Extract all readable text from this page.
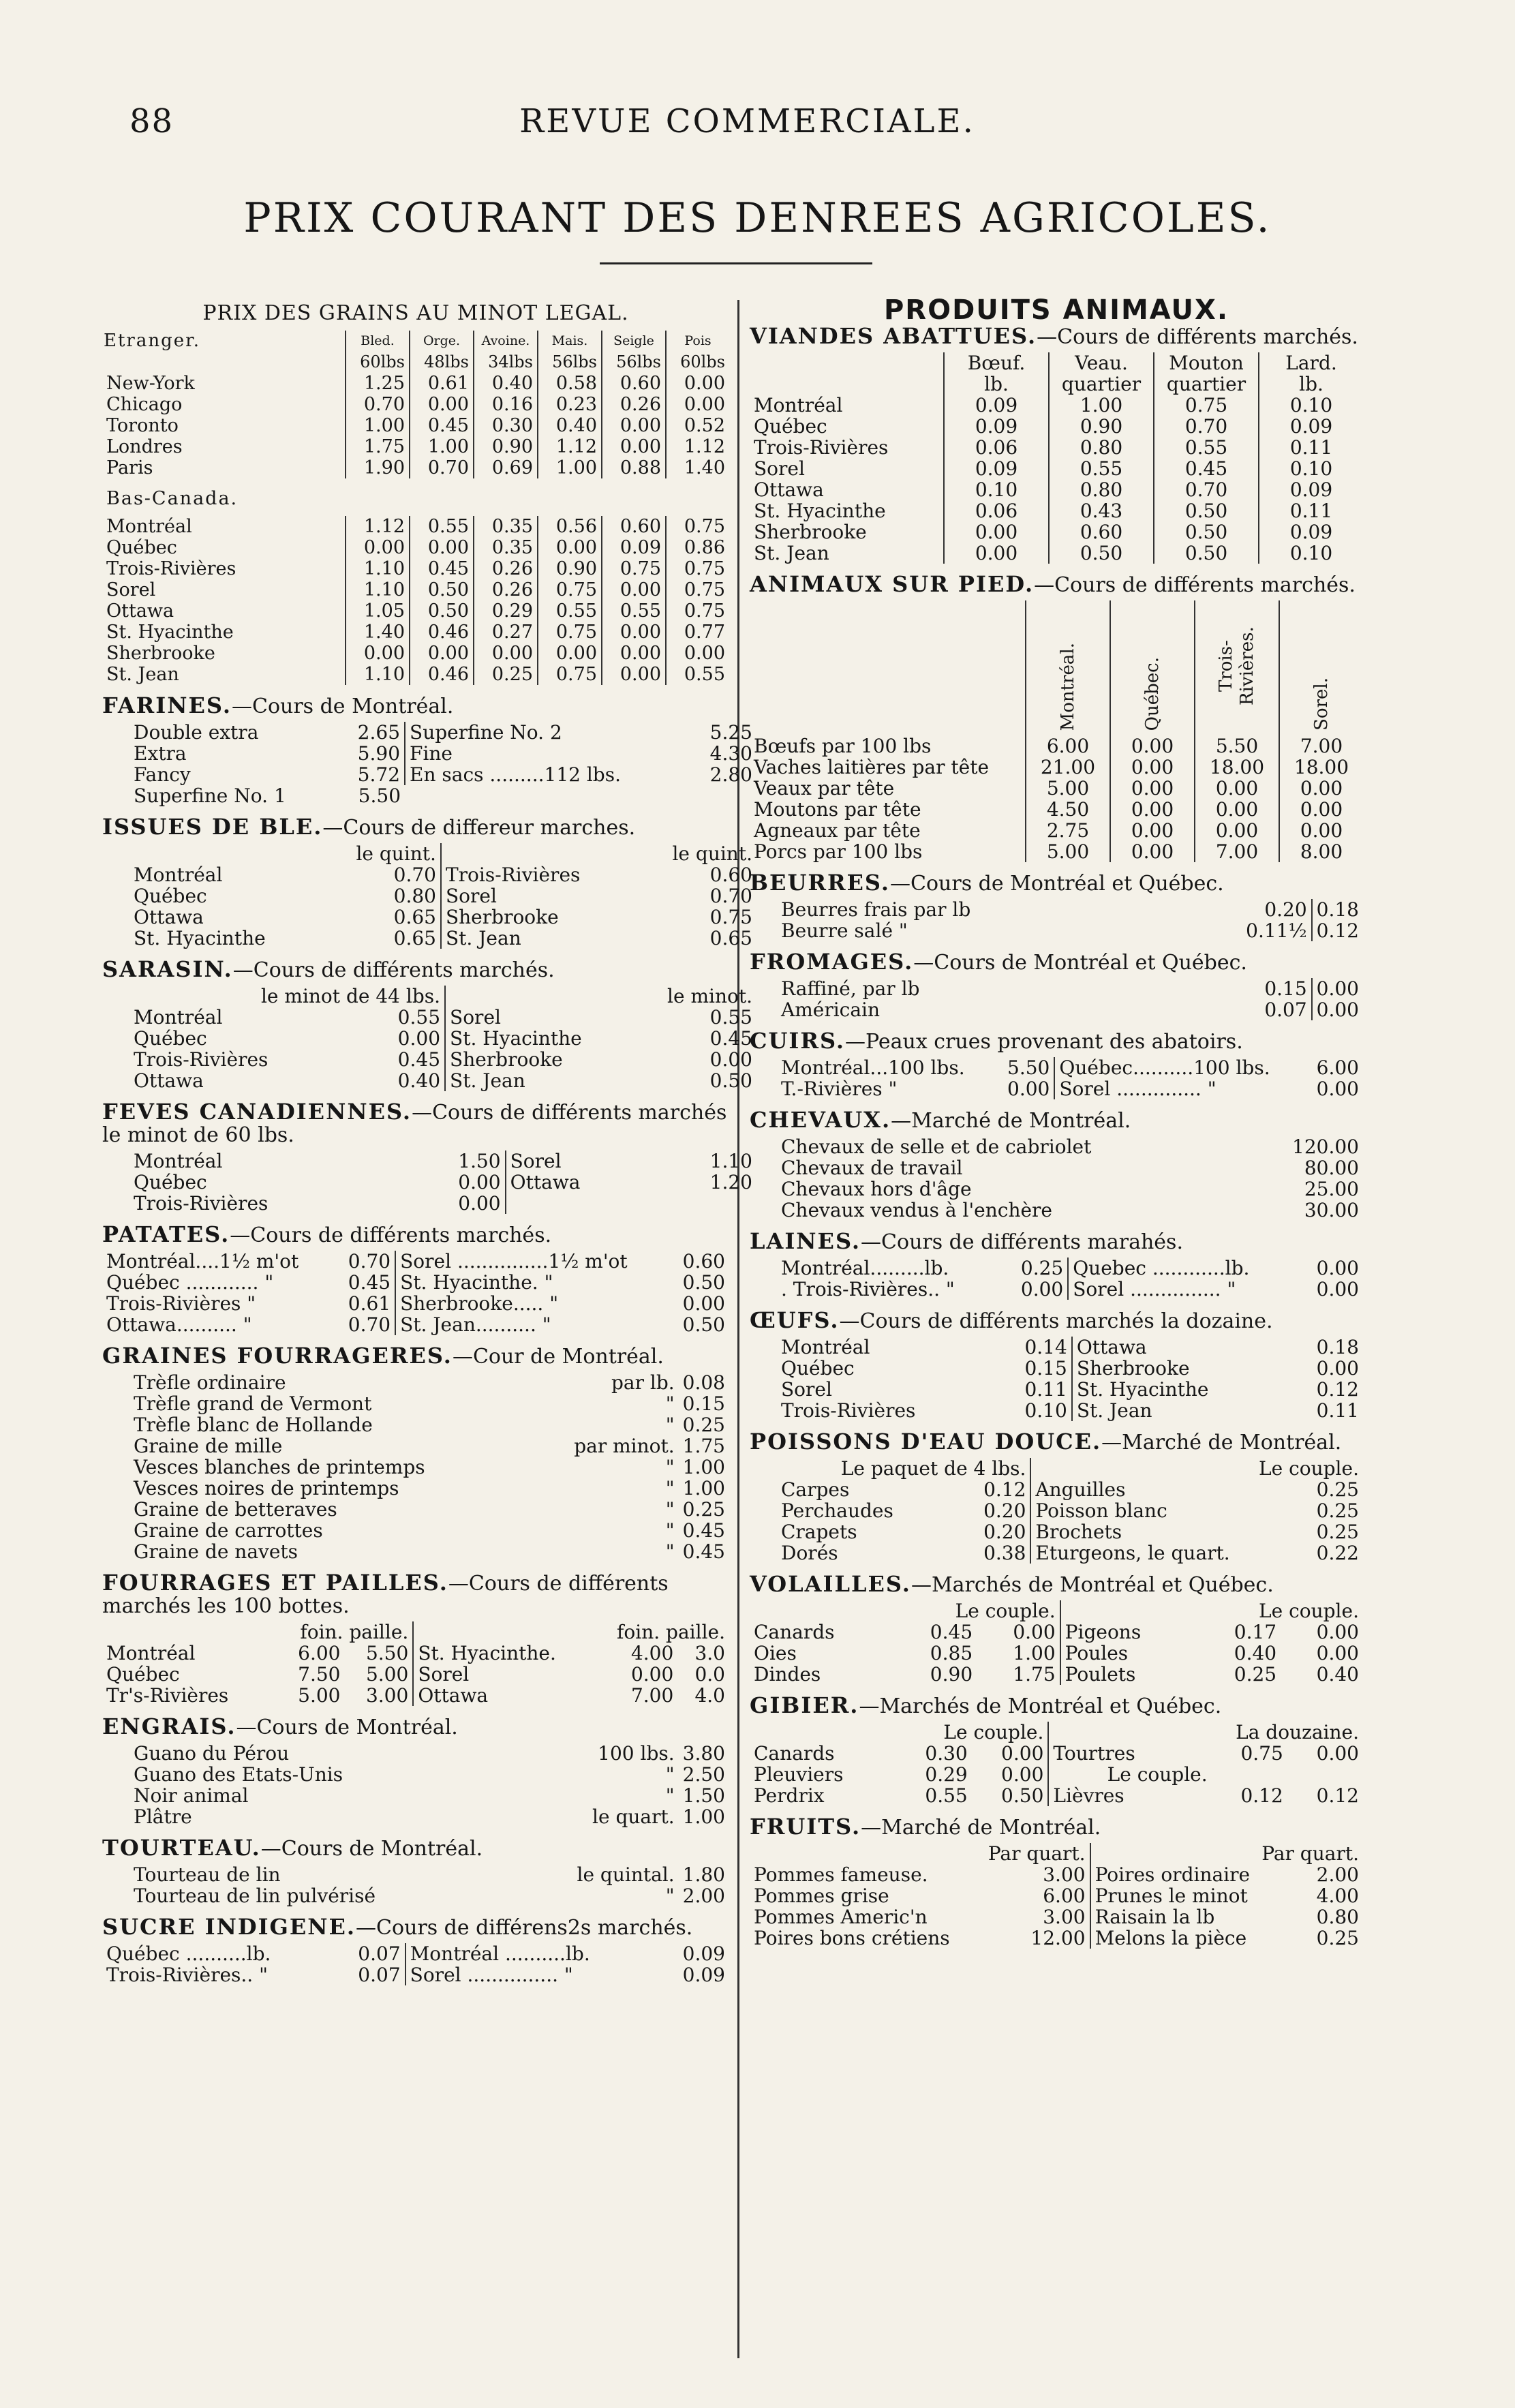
88	REVUE COMMERCIALE.
PRIX COURANT DES DENREES AGRICOLES.
PRIX DES GRAINS AU MINOT LEGAL.
Etranger.	Bled.	Orge.	Avoine.	Mais.	Seigle	Pois
	60lbs	48lbs	34lbs	56lbs	56lbs	60lbs
New-York	1.25	0.61	0.40	0.58	0.60	0.00
Chicago	0.70	0.00	0.16	0.23	0.26	0.00
Toronto	1.00	0.45	0.30	0.40	0.00	0.52
Londres	1.75	1.00	0.90	1.12	0.00	1.12
Paris	1.90	0.70	0.69	1.00	0.88	1.40
Bas-Canada.						
Montréal	1.12	0.55	0.35	0.56	0.60	0.75
Québec	0.00	0.00	0.35	0.00	0.09	0.86
Trois-Rivières	1.10	0.45	0.26	0.90	0.75	0.75
Sorel	1.10	0.50	0.26	0.75	0.00	0.75
Ottawa	1.05	0.50	0.29	0.55	0.55	0.75
St. Hyacinthe	1.40	0.46	0.27	0.75	0.00	0.77
Sherbrooke	0.00	0.00	0.00	0.00	0.00	0.00
St. Jean	1.10	0.46	0.25	0.75	0.00	0.55
FARINES.—Cours de Montréal.
Double extra	2.65	Superfine No. 2	5.25
Extra	5.90	Fine	4.30
Fancy	5.72	En sacs .........112 lbs.	2.80
Superfine No. 1	5.50		
ISSUES DE BLE.—Cours de differeur marches.
le quint.		le quint.	
Montréal	0.70	Trois-Rivières	0.60
Québec	0.80	Sorel	0.70
Ottawa	0.65	Sherbrooke	0.75
St. Hyacinthe	0.65	St. Jean	0.65
SARASIN.—Cours de différents marchés.
le minot de 44 lbs.		le minot.	
Montréal	0.55	Sorel	0.55
Québec	0.00	St. Hyacinthe	0.45
Trois-Rivières	0.45	Sherbrooke	0.00
Ottawa	0.40	St. Jean	0.50
FEVES CANADIENNES.—Cours de différents marchés le minot de 60 lbs.
Montréal	1.50	Sorel	1.10
Québec	0.00	Ottawa	1.20
Trois-Rivières	0.00		
PATATES.—Cours de différents marchés.
Montréal....1½ m'ot	0.70	Sorel ...............1½ m'ot	0.60
Québec ............ "	0.45	St. Hyacinthe. "	0.50
Trois-Rivières "	0.61	Sherbrooke..... "	0.00
Ottawa.......... "	0.70	St. Jean.......... "	0.50
GRAINES FOURRAGERES.—Cour de Montréal.
Trèfle ordinaire	par lb.	0.08
Trèfle grand de Vermont	"	0.15
Trèfle blanc de Hollande	"	0.25
Graine de mille	par minot.	1.75
Vesces blanches de printemps	"	1.00
Vesces noires de printemps	"	1.00
Graine de betteraves	"	0.25
Graine de carrottes	"	0.45
Graine de navets	"	0.45
FOURRAGES ET PAILLES.—Cours de différents marchés les 100 bottes.
foin. paille.			foin. paille.		
Montréal	6.00	5.50	St. Hyacinthe.	4.00	3.0
Québec	7.50	5.00	Sorel	0.00	0.0
Tr's-Rivières	5.00	3.00	Ottawa	7.00	4.0
ENGRAIS.—Cours de Montréal.
Guano du Pérou	100 lbs.	3.80
Guano des Etats-Unis	"	2.50
Noir animal	"	1.50
Plâtre	le quart.	1.00
TOURTEAU.—Cours de Montréal.
Tourteau de lin	le quintal.	1.80
Tourteau de lin pulvérisé	"	2.00
SUCRE INDIGENE.—Cours de différens2s marchés.
Québec ..........lb.	0.07	Montréal ..........lb.	0.09
Trois-Rivières.. "	0.07	Sorel ............... "	0.09
PRODUITS ANIMAUX.
VIANDES ABATTUES.—Cours de différents marchés.
	Bœuf.	Veau.	Mouton	Lard.
	lb.	quartier	quartier	lb.
Montréal	0.09	1.00	0.75	0.10
Québec	0.09	0.90	0.70	0.09
Trois-Rivières	0.06	0.80	0.55	0.11
Sorel	0.09	0.55	0.45	0.10
Ottawa	0.10	0.80	0.70	0.09
St. Hyacinthe	0.06	0.43	0.50	0.11
Sherbrooke	0.00	0.60	0.50	0.09
St. Jean	0.00	0.50	0.50	0.10
ANIMAUX SUR PIED.—Cours de différents marchés.
	Montréal.	Québec.	Trois-Rivières.	Sorel.
Bœufs par 100 lbs	6.00	0.00	5.50	7.00
Vaches laitières par tête	21.00	0.00	18.00	18.00
Veaux par tête	5.00	0.00	0.00	0.00
Moutons par tête	4.50	0.00	0.00	0.00
Agneaux par tête	2.75	0.00	0.00	0.00
Porcs par 100 lbs	5.00	0.00	7.00	8.00
BEURRES.—Cours de Montréal et Québec.
Beurres frais par lb	0.20	0.18
Beurre salé "	0.11½	0.12
FROMAGES.—Cours de Montréal et Québec.
Raffiné, par lb	0.15	0.00
Américain	0.07	0.00
CUIRS.—Peaux crues provenant des abatoirs.
Montréal...100 lbs.	5.50	Québec..........100 lbs.	6.00
T.-Rivières "	0.00	Sorel .............. "	0.00
CHEVAUX.—Marché de Montréal.
Chevaux de selle et de cabriolet	120.00
Chevaux de travail	80.00
Chevaux hors d'âge	25.00
Chevaux vendus à l'enchère	30.00
LAINES.—Cours de différents marahés.
Montréal.........lb.	0.25	Quebec ............lb.	0.00
. Trois-Rivières.. "	0.00	Sorel ............... "	0.00
ŒUFS.—Cours de différents marchés la dozaine.
Montréal	0.14	Ottawa	0.18
Québec	0.15	Sherbrooke	0.00
Sorel	0.11	St. Hyacinthe	0.12
Trois-Rivières	0.10	St. Jean	0.11
POISSONS D'EAU DOUCE.—Marché de Montréal.
Le paquet de 4 lbs.		Le couple.	
Carpes	0.12	Anguilles	0.25
Perchaudes	0.20	Poisson blanc	0.25
Crapets	0.20	Brochets	0.25
Dorés	0.38	Eturgeons, le quart.	0.22
VOLAILLES.—Marchés de Montréal et Québec.
Le couple.			Le couple.		
Canards	0.45	0.00	Pigeons	0.17	0.00
Oies	0.85	1.00	Poules	0.40	0.00
Dindes	0.90	1.75	Poulets	0.25	0.40
GIBIER.—Marchés de Montréal et Québec.
Le couple.			La douzaine.		
Canards	0.30	0.00	Tourtres	0.75	0.00
Pleuviers	0.29	0.00	Le couple.		
Perdrix	0.55	0.50	Lièvres	0.12	0.12
FRUITS.—Marché de Montréal.
Par quart.		Par quart.	
Pommes fameuse.	3.00	Poires ordinaire	2.00
Pommes grise	6.00	Prunes le minot	4.00
Pommes Americ'n	3.00	Raisain la lb	0.80
Poires bons crétiens	12.00	Melons la pièce	0.25
